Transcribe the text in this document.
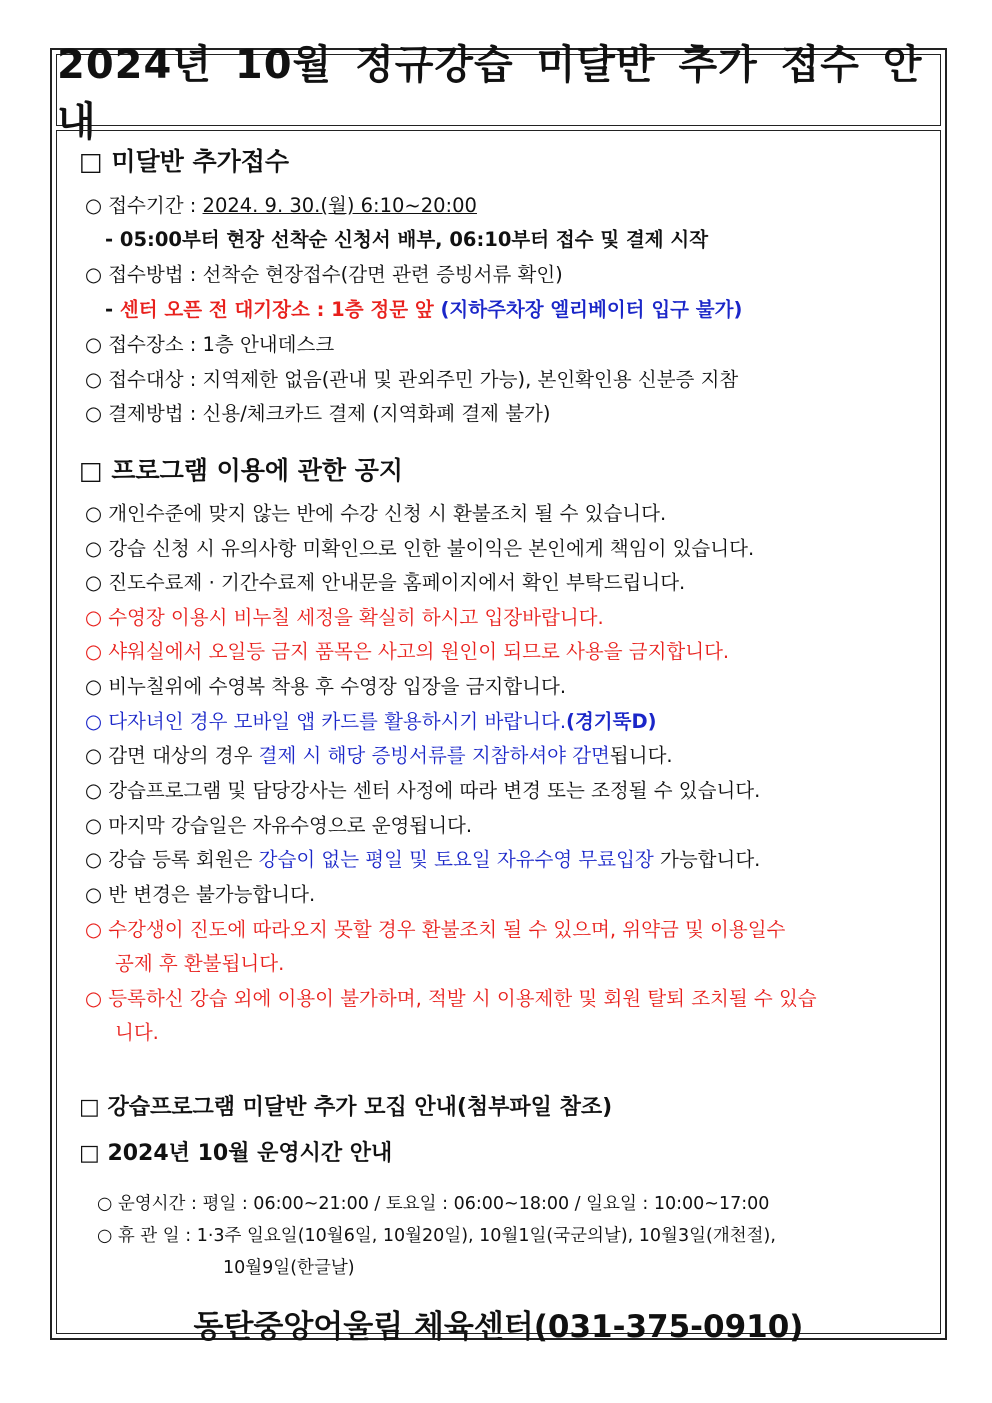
2024년 10월 정규강습 미달반 추가 접수 안내
□ 미달반 추가접수
○ 접수기간 : 2024. 9. 30.(월) 6:10~20:00
- 05:00부터 현장 선착순 신청서 배부, 06:10부터 접수 및 결제 시작
○ 접수방법 : 선착순 현장접수(감면 관련 증빙서류 확인)
- 센터 오픈 전 대기장소 : 1층 정문 앞 (지하주차장 엘리베이터 입구 불가)
○ 접수장소 : 1층 안내데스크
○ 접수대상 : 지역제한 없음(관내 및 관외주민 가능), 본인확인용 신분증 지참
○ 결제방법 : 신용/체크카드 결제 (지역화폐 결제 불가)
□ 프로그램 이용에 관한 공지
○ 개인수준에 맞지 않는 반에 수강 신청 시 환불조치 될 수 있습니다.
○ 강습 신청 시 유의사항 미확인으로 인한 불이익은 본인에게 책임이 있습니다.
○ 진도수료제 · 기간수료제 안내문을 홈페이지에서 확인 부탁드립니다.
○ 수영장 이용시 비누칠 세정을 확실히 하시고 입장바랍니다.
○ 샤워실에서 오일등 금지 품목은 사고의 원인이 되므로 사용을 금지합니다.
○ 비누칠위에 수영복 착용 후 수영장 입장을 금지합니다.
○ 다자녀인 경우 모바일 앱 카드를 활용하시기 바랍니다.(경기뚝D)
○ 감면 대상의 경우 결제 시 해당 증빙서류를 지참하셔야 감면됩니다.
○ 강습프로그램 및 담당강사는 센터 사정에 따라 변경 또는 조정될 수 있습니다.
○ 마지막 강습일은 자유수영으로 운영됩니다.
○ 강습 등록 회원은 강습이 없는 평일 및 토요일 자유수영 무료입장 가능합니다.
○ 반 변경은 불가능합니다.
○ 수강생이 진도에 따라오지 못할 경우 환불조치 될 수 있으며, 위약금 및 이용일수
공제 후 환불됩니다.
○ 등록하신 강습 외에 이용이 불가하며, 적발 시 이용제한 및 회원 탈퇴 조치될 수 있습
니다.
□ 강습프로그램 미달반 추가 모집 안내(첨부파일 참조)
□ 2024년 10월 운영시간 안내
○ 운영시간 : 평일 : 06:00~21:00 / 토요일 : 06:00~18:00 / 일요일 : 10:00~17:00
○ 휴 관 일 : 1·3주 일요일(10월6일, 10월20일), 10월1일(국군의날), 10월3일(개천절),
10월9일(한글날)
동탄중앙어울림 체육센터(031-375-0910)
